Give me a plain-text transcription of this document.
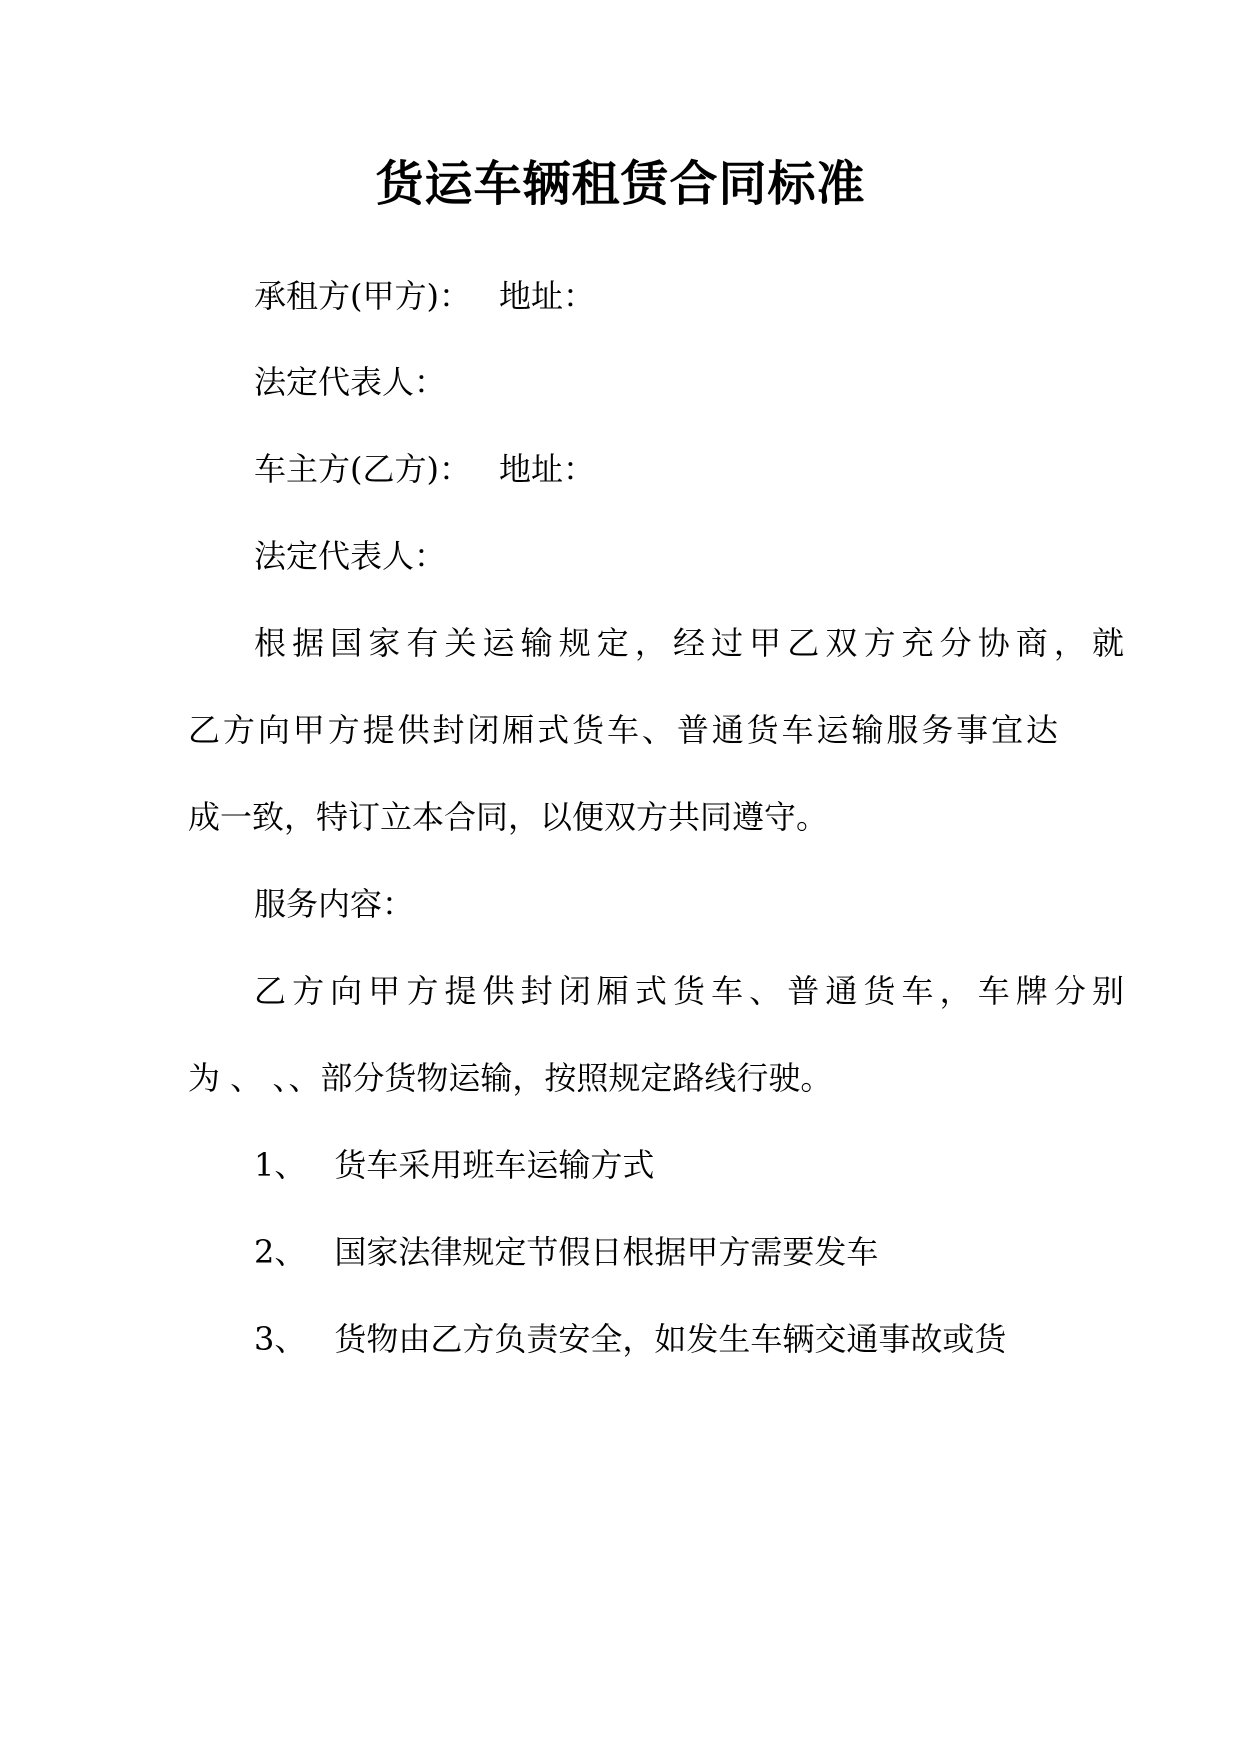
货运车辆租赁合同标准

承租方(甲方)： 地址：

法定代表人：

车主方(乙方)： 地址：

法定代表人：

根据国家有关运输规定，经过甲乙双方充分协商，就

乙方向甲方提供封闭厢式货车、普通货车运输服务事宜达

成一致，特订立本合同，以便双方共同遵守。

服务内容：

乙方向甲方提供封闭厢式货车、普通货车，车牌分别

为 、 、、部分货物运输，按照规定路线行驶。

1、 货车采用班车运输方式

2、 国家法律规定节假日根据甲方需要发车

3、 货物由乙方负责安全，如发生车辆交通事故或货
